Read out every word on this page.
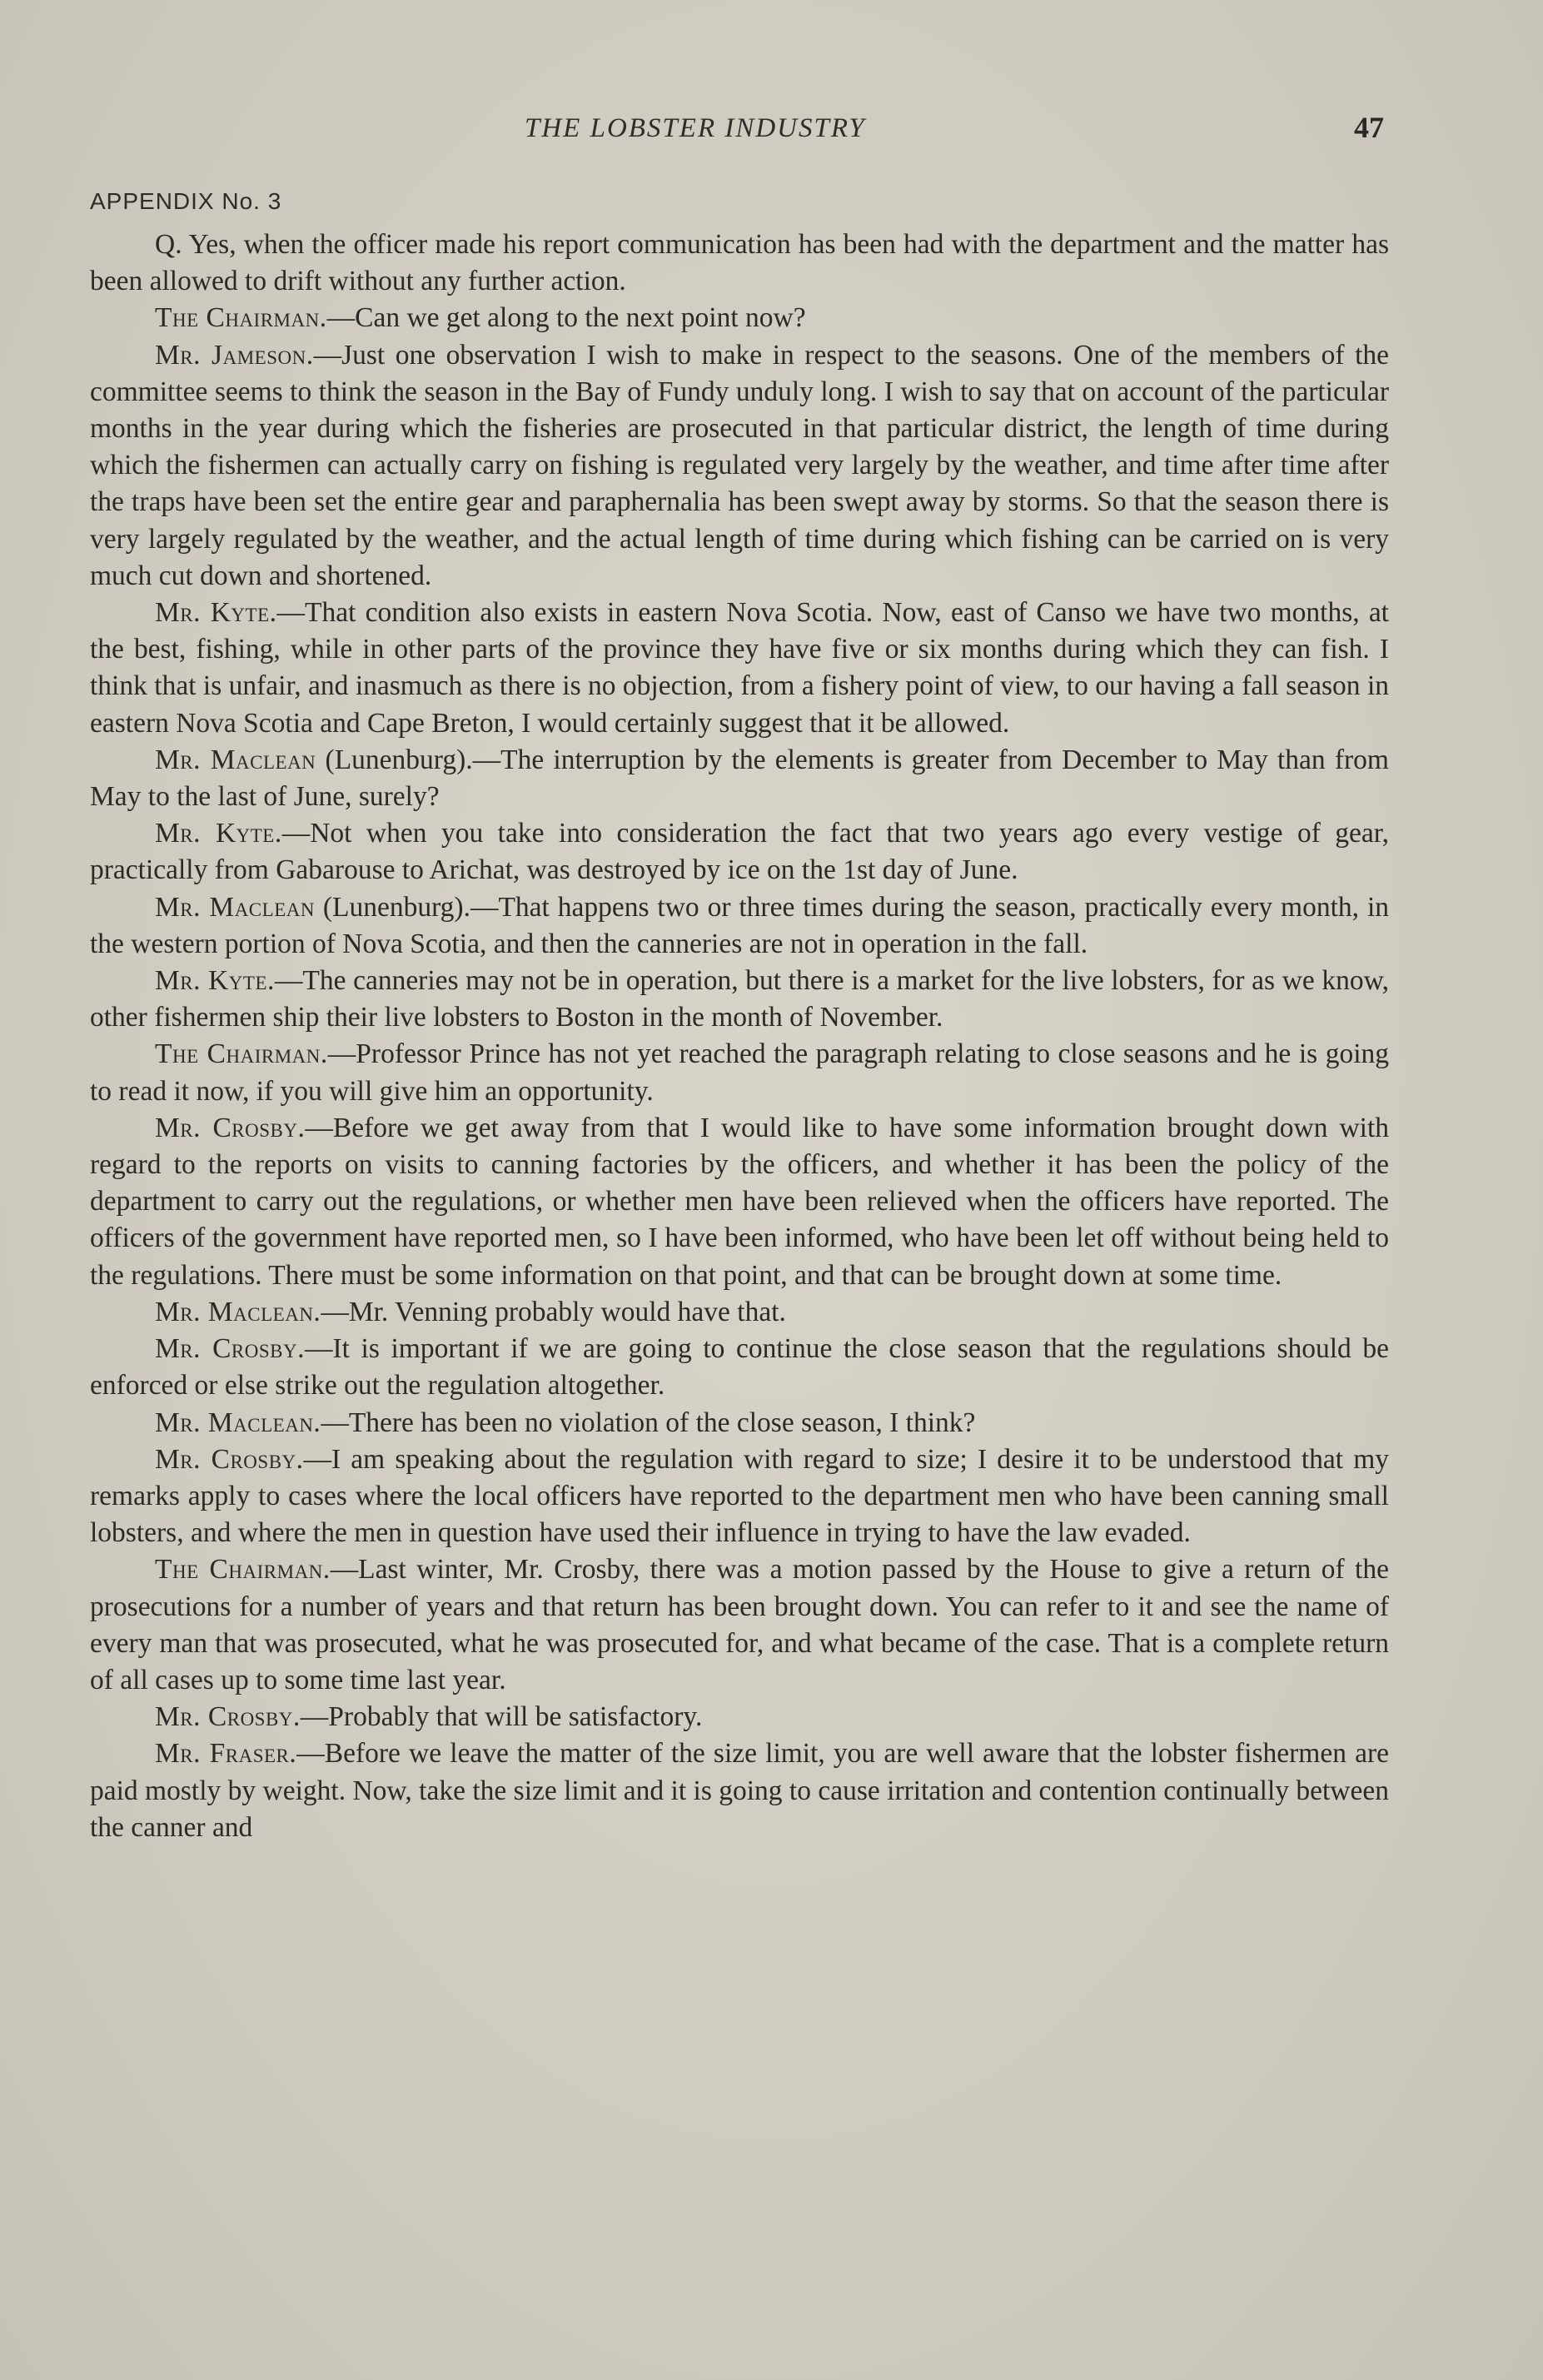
THE LOBSTER INDUSTRY	47
APPENDIX No. 3

Q. Yes, when the officer made his report communication has been had with the department and the matter has been allowed to drift without any further action.

The Chairman.—Can we get along to the next point now?

Mr. Jameson.—Just one observation I wish to make in respect to the seasons. One of the members of the committee seems to think the season in the Bay of Fundy unduly long. I wish to say that on account of the particular months in the year during which the fisheries are prosecuted in that particular district, the length of time during which the fishermen can actually carry on fishing is regulated very largely by the weather, and time after time after the traps have been set the entire gear and paraphernalia has been swept away by storms. So that the season there is very largely regulated by the weather, and the actual length of time during which fishing can be carried on is very much cut down and shortened.

Mr. Kyte.—That condition also exists in eastern Nova Scotia. Now, east of Canso we have two months, at the best, fishing, while in other parts of the province they have five or six months during which they can fish. I think that is unfair, and inasmuch as there is no objection, from a fishery point of view, to our having a fall season in eastern Nova Scotia and Cape Breton, I would certainly suggest that it be allowed.

Mr. Maclean (Lunenburg).—The interruption by the elements is greater from December to May than from May to the last of June, surely?

Mr. Kyte.—Not when you take into consideration the fact that two years ago every vestige of gear, practically from Gabarouse to Arichat, was destroyed by ice on the 1st day of June.

Mr. Maclean (Lunenburg).—That happens two or three times during the season, practically every month, in the western portion of Nova Scotia, and then the canneries are not in operation in the fall.

Mr. Kyte.—The canneries may not be in operation, but there is a market for the live lobsters, for as we know, other fishermen ship their live lobsters to Boston in the month of November.

The Chairman.—Professor Prince has not yet reached the paragraph relating to close seasons and he is going to read it now, if you will give him an opportunity.

Mr. Crosby.—Before we get away from that I would like to have some information brought down with regard to the reports on visits to canning factories by the officers, and whether it has been the policy of the department to carry out the regulations, or whether men have been relieved when the officers have reported. The officers of the government have reported men, so I have been informed, who have been let off without being held to the regulations. There must be some information on that point, and that can be brought down at some time.

Mr. Maclean.—Mr. Venning probably would have that.

Mr. Crosby.—It is important if we are going to continue the close season that the regulations should be enforced or else strike out the regulation altogether.

Mr. Maclean.—There has been no violation of the close season, I think?

Mr. Crosby.—I am speaking about the regulation with regard to size; I desire it to be understood that my remarks apply to cases where the local officers have reported to the department men who have been canning small lobsters, and where the men in question have used their influence in trying to have the law evaded.

The Chairman.—Last winter, Mr. Crosby, there was a motion passed by the House to give a return of the prosecutions for a number of years and that return has been brought down. You can refer to it and see the name of every man that was prosecuted, what he was prosecuted for, and what became of the case. That is a complete return of all cases up to some time last year.

Mr. Crosby.—Probably that will be satisfactory.

Mr. Fraser.—Before we leave the matter of the size limit, you are well aware that the lobster fishermen are paid mostly by weight. Now, take the size limit and it is going to cause irritation and contention continually between the canner and
